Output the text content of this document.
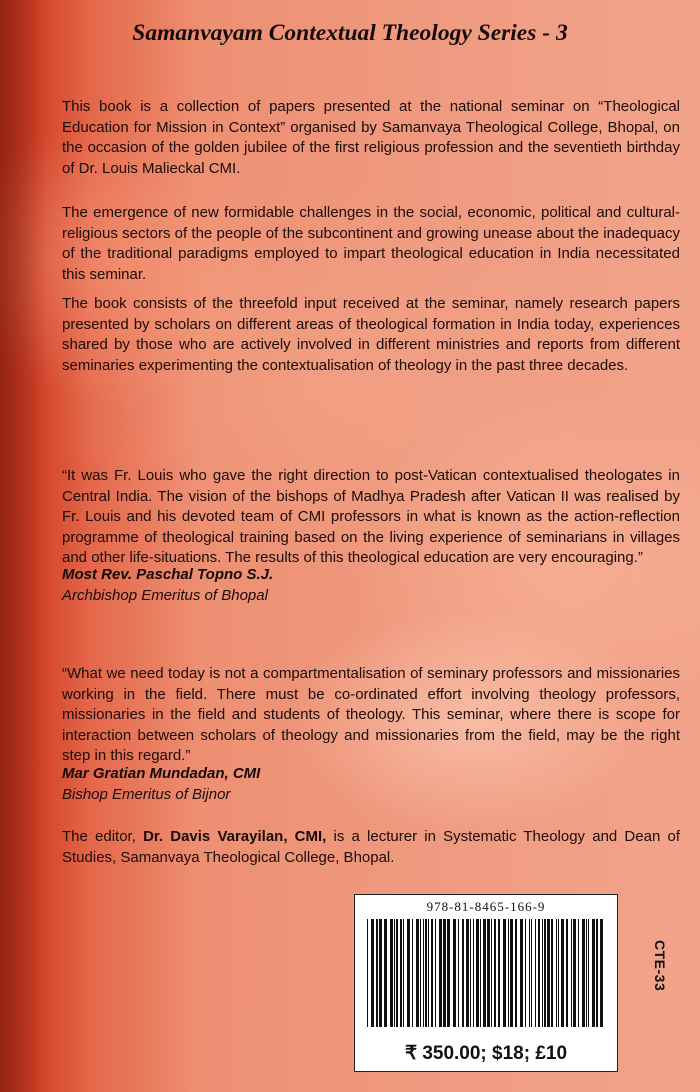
Samanvayam Contextual Theology Series - 3

This book is a collection of papers presented at the national seminar on “Theological Education for Mission in Context” organised by Samanvaya Theological College, Bhopal, on the occasion of the golden jubilee of the first religious profession and the seventieth birthday of Dr. Louis Malieckal CMI.

The emergence of new formidable challenges in the social, economic, political and cultural-religious sectors of the people of the subcontinent and growing unease about the inadequacy of the traditional paradigms employed to impart theological education in India necessitated this seminar.

The book consists of the threefold input received at the seminar, namely research papers presented by scholars on different areas of theological formation in India today, experiences shared by those who are actively involved in different ministries and reports from different seminaries experimenting the contextualisation of theology in the past three decades.

“It was Fr. Louis who gave the right direction to post-Vatican contextualised theologates in Central India. The vision of the bishops of Madhya Pradesh after Vatican II was realised by Fr. Louis and his devoted team of CMI professors in what is known as the action-reflection programme of theological training based on the living experience of seminarians in villages and other life-situations. The results of this theological education are very encouraging.”

Most Rev. Paschal Topno S.J.

Archbishop Emeritus of Bhopal

“What we need today is not a compartmentalisation of seminary professors and missionaries working in the field. There must be co-ordinated effort involving theology professors, missionaries in the field and students of theology. This seminar, where there is scope for interaction between scholars of theology and missionaries from the field, may be the right step in this regard.”

Mar Gratian Mundadan, CMI

Bishop Emeritus of Bijnor

The editor, Dr. Davis Varayilan, CMI, is a lecturer in Systematic Theology and Dean of Studies, Samanvaya Theological College, Bhopal.

978-81-8465-166-9
₹ 350.00; $18; £10

CTE-33
